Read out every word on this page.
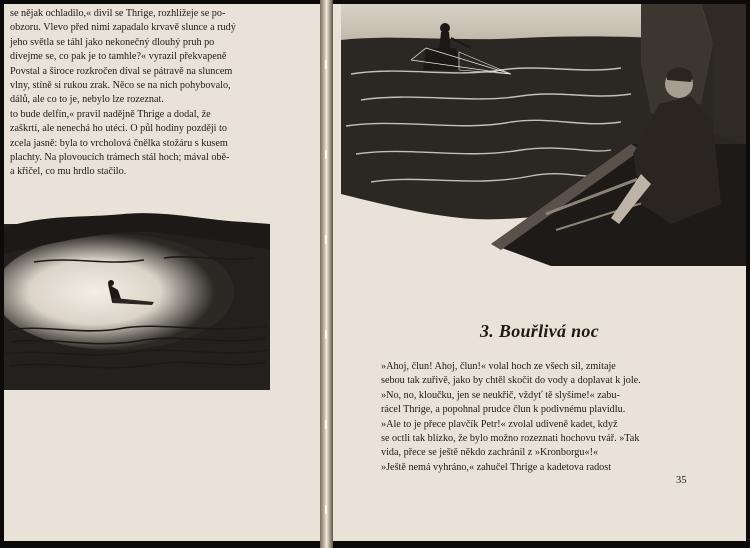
se nějak ochladilo,« divil se Thrige, rozhlížeje se po-
obzoru. Vlevo před nimi zapadalo krvavě slunce a rudý
jeho světla se táhl jako nekonečný dlouhý pruh po
dívejme se, co pak je to tamhle?« vyrazil překvapeně
Povstal a široce rozkročen díval se pátravě na sluncem
vlny, stíně si rukou zrak. Něco se na nich pohybovalo,
dálů, ale co to je, nebylo lze rozeznat.
to bude delfín,« pravil nadějně Thrige a dodal, že
zaškrtí, ale nenechá ho utéci. O půl hodiny později to
zcela jasně: byla to vrcholová čnělka stožáru s kusem
plachty. Na plovoucích trámech stál hoch; mával obě-
a křičel, co mu hrdlo stačilo.
3. Bouřlivá noc
»Ahoj, člun! Ahoj, člun!« volal hoch ze všech sil, zmítaje
sebou tak zuřivě, jako by chtěl skočit do vody a doplavat k jole.
»No, no, kloučku, jen se neukřič, vždyť tě slyšíme!« zabu-
rácel Thrige, a popohnal prudce člun k podivnému plavidlu.
»Ale to je přece plavčík Petr!« zvolal udiveně kadet, když
se octli tak blízko, že bylo možno rozeznati hochovu tvář. »Tak
vida, přece se ještě někdo zachránil z »Kronborgu«!«
»Ještě nemá vyhráno,« zahučel Thrige a kadetova radost
35
